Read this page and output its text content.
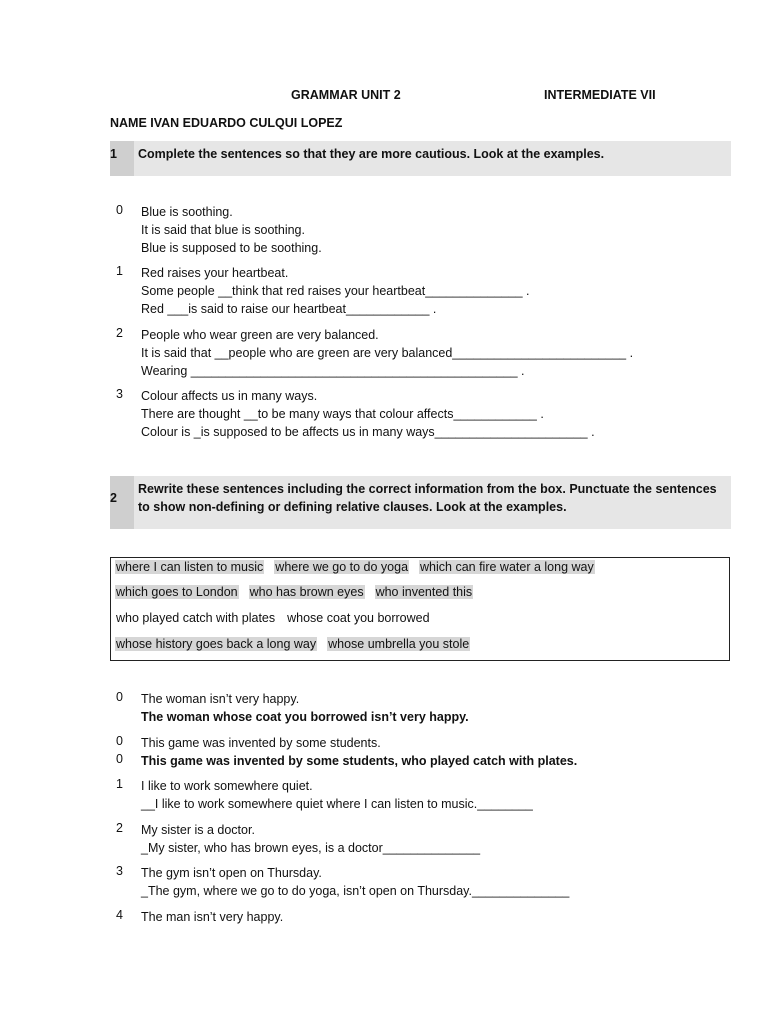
GRAMMAR UNIT 2	INTERMEDIATE VII
NAME IVAN EDUARDO CULQUI LOPEZ
1 Complete the sentences so that they are more cautious. Look at the examples.
0 Blue is soothing.
It is said that blue is soothing.
Blue is supposed to be soothing.
1 Red raises your heartbeat.
Some people __think that red raises your heartbeat______________ .
Red ___is said to raise our heartbeat____________ .
2 People who wear green are very balanced.
It is said that __people who are green are very balanced_________________________ .
Wearing _______________________________________________ .
3 Colour affects us in many ways.
There are thought __to be many ways that colour affects____________ .
Colour is _is supposed to be affects us in many ways______________________ .
2
Rewrite these sentences including the correct information from the box. Punctuate the sentences
to show non-defining or defining relative clauses. Look at the examples.
where I can listen to music where we go to do yoga which can fire water a long way
which goes to London who has brown eyes who invented this
who played catch with plates whose coat you borrowed
whose history goes back a long way whose umbrella you stole
0 The woman isn’t very happy.
The woman whose coat you borrowed isn’t very happy.
0 This game was invented by some students.
0 This game was invented by some students, who played catch with plates.
1 I like to work somewhere quiet.
__I like to work somewhere quiet where I can listen to music.________
2 My sister is a doctor.
_My sister, who has brown eyes, is a doctor______________
3 The gym isn’t open on Thursday.
_The gym, where we go to do yoga, isn’t open on Thursday.______________
4 The man isn’t very happy.
